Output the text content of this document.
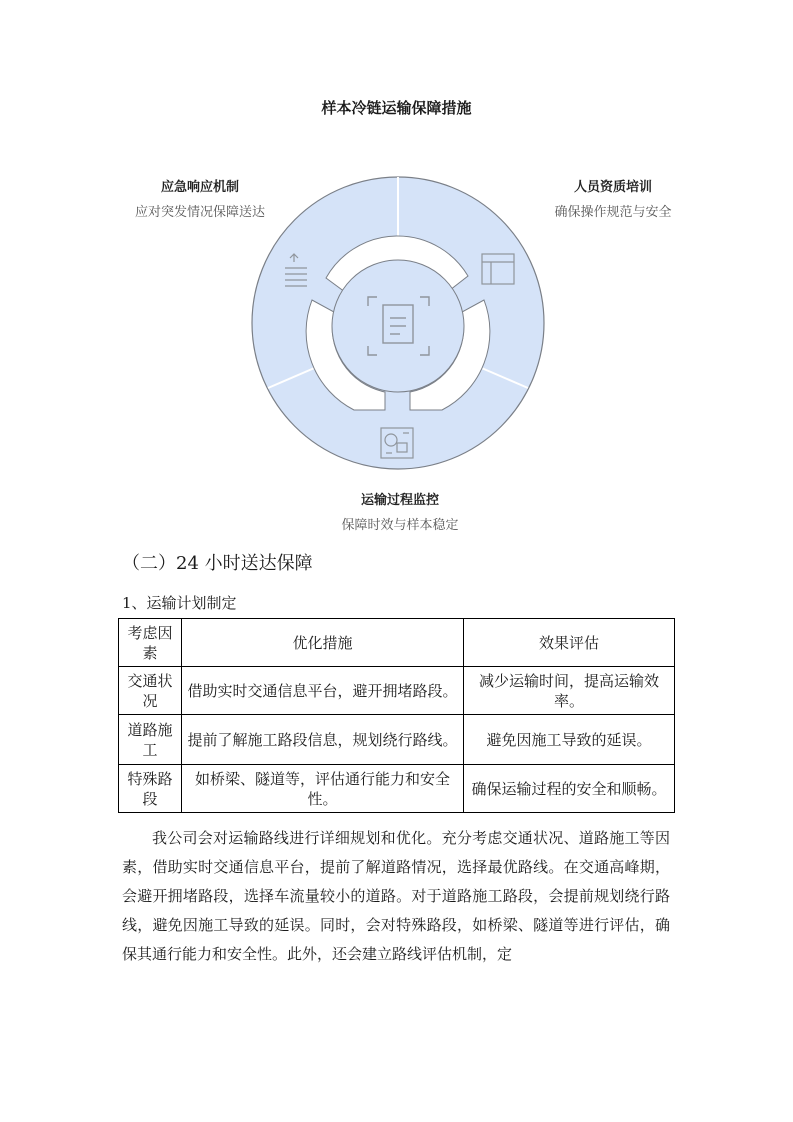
样本冷链运输保障措施
应急响应机制
应对突发情况保障送达
人员资质培训
确保操作规范与安全
运输过程监控
保障时效与样本稳定
（二）24 小时送达保障
1、运输计划制定
考虑因素	优化措施	效果评估
交通状况	借助实时交通信息平台，避开拥堵路段。	减少运输时间，提高运输效率。
道路施工	提前了解施工路段信息，规划绕行路线。	避免因施工导致的延误。
特殊路段	如桥梁、隧道等，评估通行能力和安全性。	确保运输过程的安全和顺畅。
我公司会对运输路线进行详细规划和优化。充分考虑交通状况、道路施工等因素，借助实时交通信息平台，提前了解道路情况，选择最优路线。在交通高峰期，会避开拥堵路段，选择车流量较小的道路。对于道路施工路段，会提前规划绕行路线，避免因施工导致的延误。同时，会对特殊路段，如桥梁、隧道等进行评估，确保其通行能力和安全性。此外，还会建立路线评估机制，定
